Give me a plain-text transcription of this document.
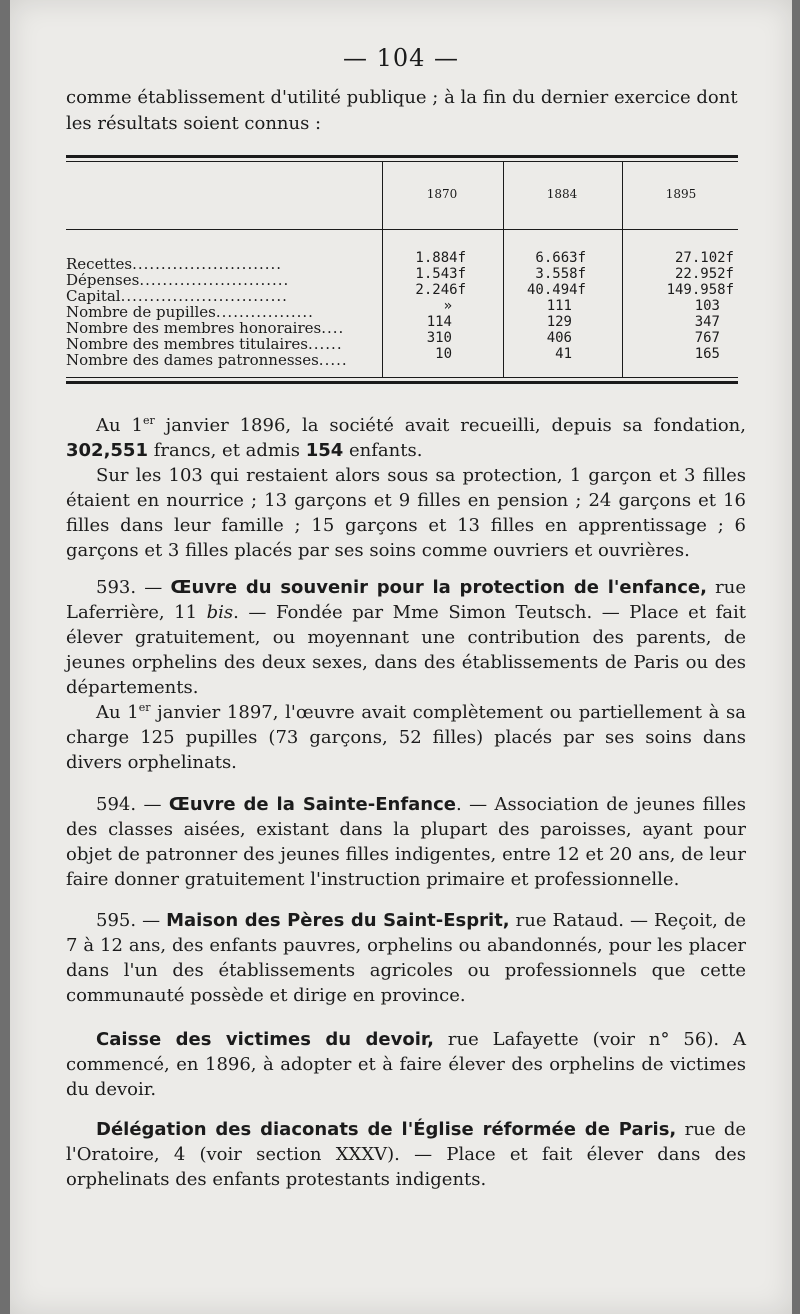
— 104 —
comme établissement d'utilité publique ; à la fin du dernier exercice dont les résultats soient connus :
1870	1884	1895
Recettes..........................
Dépenses..........................
Capital.............................
Nombre de pupilles.................
Nombre des membres honoraires....
Nombre des membres titulaires......
Nombre des dames patronnesses.....
1.884f
1.543f
2.246f
»
114
310
10
6.663f
3.558f
40.494f
111
129
406
41
27.102f
22.952f
149.958f
103
347
767
165

Au 1er janvier 1896, la société avait recueilli, depuis sa fondation, 302,551 francs, et admis 154 enfants.

Sur les 103 qui restaient alors sous sa protection, 1 garçon et 3 filles étaient en nourrice ; 13 garçons et 9 filles en pension ; 24 garçons et 16 filles dans leur famille ; 15 garçons et 13 filles en apprentissage ; 6 garçons et 3 filles placés par ses soins comme ouvriers et ouvrières.

593. — Œuvre du souvenir pour la protection de l'enfance, rue Laferrière, 11 bis. — Fondée par Mme Simon Teutsch. — Place et fait élever gratuitement, ou moyennant une contribution des parents, de jeunes orphelins des deux sexes, dans des établissements de Paris ou des départements.

Au 1er janvier 1897, l'œuvre avait complètement ou partiellement à sa charge 125 pupilles (73 garçons, 52 filles) placés par ses soins dans divers orphelinats.

594. — Œuvre de la Sainte-Enfance. — Association de jeunes filles des classes aisées, existant dans la plupart des paroisses, ayant pour objet de patronner des jeunes filles indigentes, entre 12 et 20 ans, de leur faire donner gratuitement l'instruction primaire et professionnelle.

595. — Maison des Pères du Saint-Esprit, rue Rataud. — Reçoit, de 7 à 12 ans, des enfants pauvres, orphelins ou abandonnés, pour les placer dans l'un des établissements agricoles ou professionnels que cette communauté possède et dirige en province.

Caisse des victimes du devoir, rue Lafayette (voir n° 56). A commencé, en 1896, à adopter et à faire élever des orphelins de victimes du devoir.

Délégation des diaconats de l'Église réformée de Paris, rue de l'Oratoire, 4 (voir section XXXV). — Place et fait élever dans des orphelinats des enfants protestants indigents.
